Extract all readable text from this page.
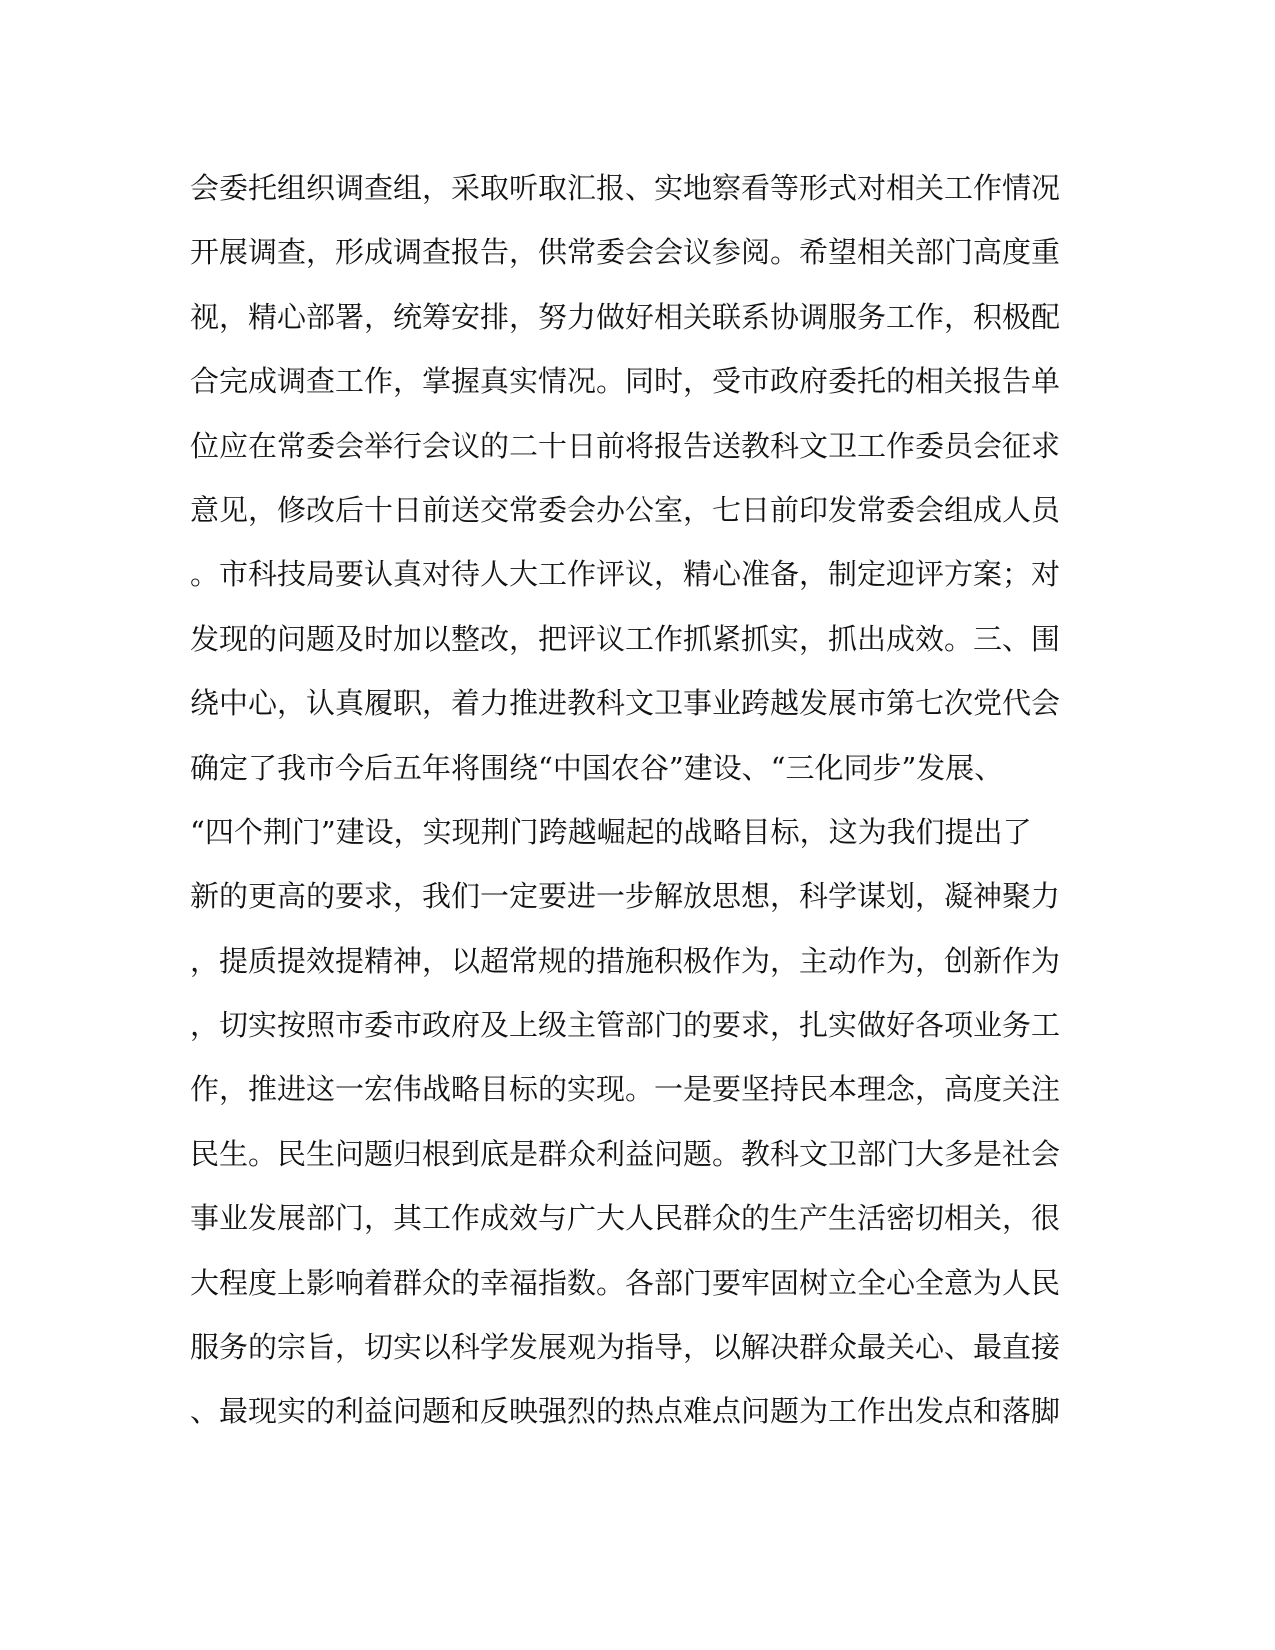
会委托组织调查组，采取听取汇报、实地察看等形式对相关工作情况
开展调查，形成调查报告，供常委会会议参阅。希望相关部门高度重
视，精心部署，统筹安排，努力做好相关联系协调服务工作，积极配
合完成调查工作，掌握真实情况。同时，受市政府委托的相关报告单
位应在常委会举行会议的二十日前将报告送教科文卫工作委员会征求
意见，修改后十日前送交常委会办公室，七日前印发常委会组成人员
。市科技局要认真对待人大工作评议，精心准备，制定迎评方案；对
发现的问题及时加以整改，把评议工作抓紧抓实，抓出成效。三、围
绕中心，认真履职，着力推进教科文卫事业跨越发展市第七次党代会
确定了我市今后五年将围绕“中国农谷”建设、“三化同步”发展、
“四个荆门”建设，实现荆门跨越崛起的战略目标，这为我们提出了
新的更高的要求，我们一定要进一步解放思想，科学谋划，凝神聚力
，提质提效提精神，以超常规的措施积极作为，主动作为，创新作为
，切实按照市委市政府及上级主管部门的要求，扎实做好各项业务工
作，推进这一宏伟战略目标的实现。一是要坚持民本理念，高度关注
民生。民生问题归根到底是群众利益问题。教科文卫部门大多是社会
事业发展部门，其工作成效与广大人民群众的生产生活密切相关，很
大程度上影响着群众的幸福指数。各部门要牢固树立全心全意为人民
服务的宗旨，切实以科学发展观为指导，以解决群众最关心、最直接
、最现实的利益问题和反映强烈的热点难点问题为工作出发点和落脚
